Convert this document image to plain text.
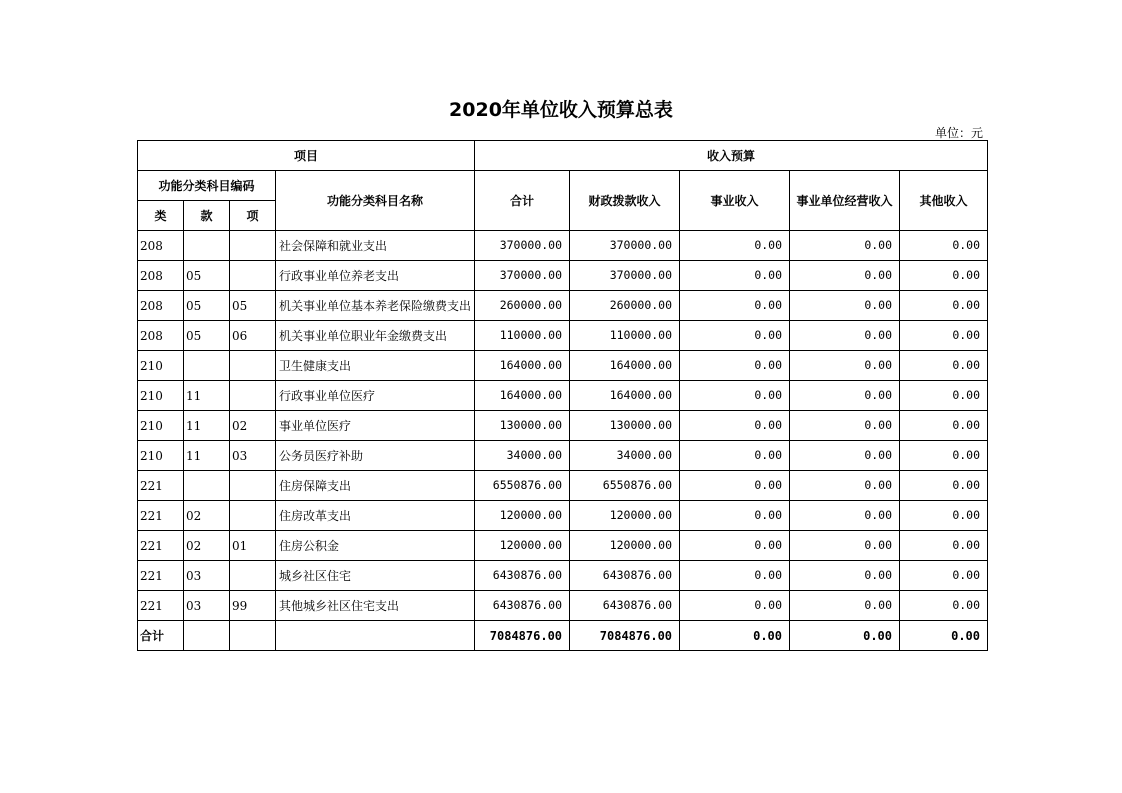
2020年单位收入预算总表
单位：元
项目				收入预算				
功能分类科目编码			功能分类科目名称	合计	财政拨款收入	事业收入	事业单位经营收入	其他收入
类	款	项						
208			社会保障和就业支出	370000.00	370000.00	0.00	0.00	0.00
208	05		行政事业单位养老支出	370000.00	370000.00	0.00	0.00	0.00
208	05	05	机关事业单位基本养老保险缴费支出	260000.00	260000.00	0.00	0.00	0.00
208	05	06	机关事业单位职业年金缴费支出	110000.00	110000.00	0.00	0.00	0.00
210			卫生健康支出	164000.00	164000.00	0.00	0.00	0.00
210	11		行政事业单位医疗	164000.00	164000.00	0.00	0.00	0.00
210	11	02	事业单位医疗	130000.00	130000.00	0.00	0.00	0.00
210	11	03	公务员医疗补助	34000.00	34000.00	0.00	0.00	0.00
221			住房保障支出	6550876.00	6550876.00	0.00	0.00	0.00
221	02		住房改革支出	120000.00	120000.00	0.00	0.00	0.00
221	02	01	住房公积金	120000.00	120000.00	0.00	0.00	0.00
221	03		城乡社区住宅	6430876.00	6430876.00	0.00	0.00	0.00
221	03	99	其他城乡社区住宅支出	6430876.00	6430876.00	0.00	0.00	0.00
合计				7084876.00	7084876.00	0.00	0.00	0.00
